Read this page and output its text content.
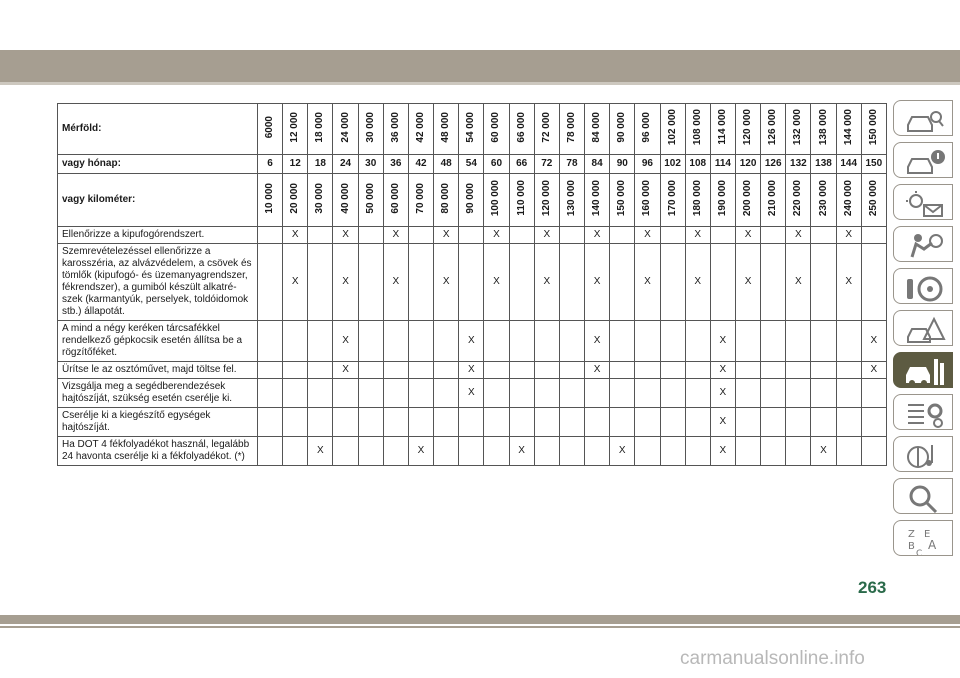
Mérföld:	6000	12 000	18 000	24 000	30 000	36 000	42 000	48 000	54 000	60 000	66 000	72 000	78 000	84 000	90 000	96 000	102 000	108 000	114 000	120 000	126 000	132 000	138 000	144 000	150 000
vagy hónap:	6	12	18	24	30	36	42	48	54	60	66	72	78	84	90	96	102	108	114	120	126	132	138	144	150
vagy kilométer:	10 000	20 000	30 000	40 000	50 000	60 000	70 000	80 000	90 000	100 000	110 000	120 000	130 000	140 000	150 000	160 000	170 000	180 000	190 000	200 000	210 000	220 000	230 000	240 000	250 000
Ellenőrizze a kipufogórendszert.		X		X		X		X		X		X		X		X		X		X		X		X	
Szemrevételezéssel ellenőrizze a karosszéria, az alvázvédelem, a csövek és tömlők (kipufogó- és üzemanyagrendszer, fékrendszer), a gumiból készült alkatrészek (karmantyúk, perselyek, toldóidomok stb.) állapotát.		X		X		X		X		X		X		X		X		X		X		X		X	
A mind a négy keréken tárcsafékkel rendelkező gépkocsik esetén állítsa be a rögzítőféket.				X					X					X					X						X
Ürítse le az osztóművet, majd töltse fel.				X					X					X					X						X
Vizsgálja meg a segédberendezések hajtószíját, szükség esetén cserélje ki.									X										X						
Cserélje ki a kiegészítő egységek hajtószíját.																			X						
Ha DOT 4 fékfolyadékot használ, legalább 24 havonta cserélje ki a fékfolyadékot. (*)			X				X				X				X				X				X		
Z E
B A
C
263
carmanualsonline.info
